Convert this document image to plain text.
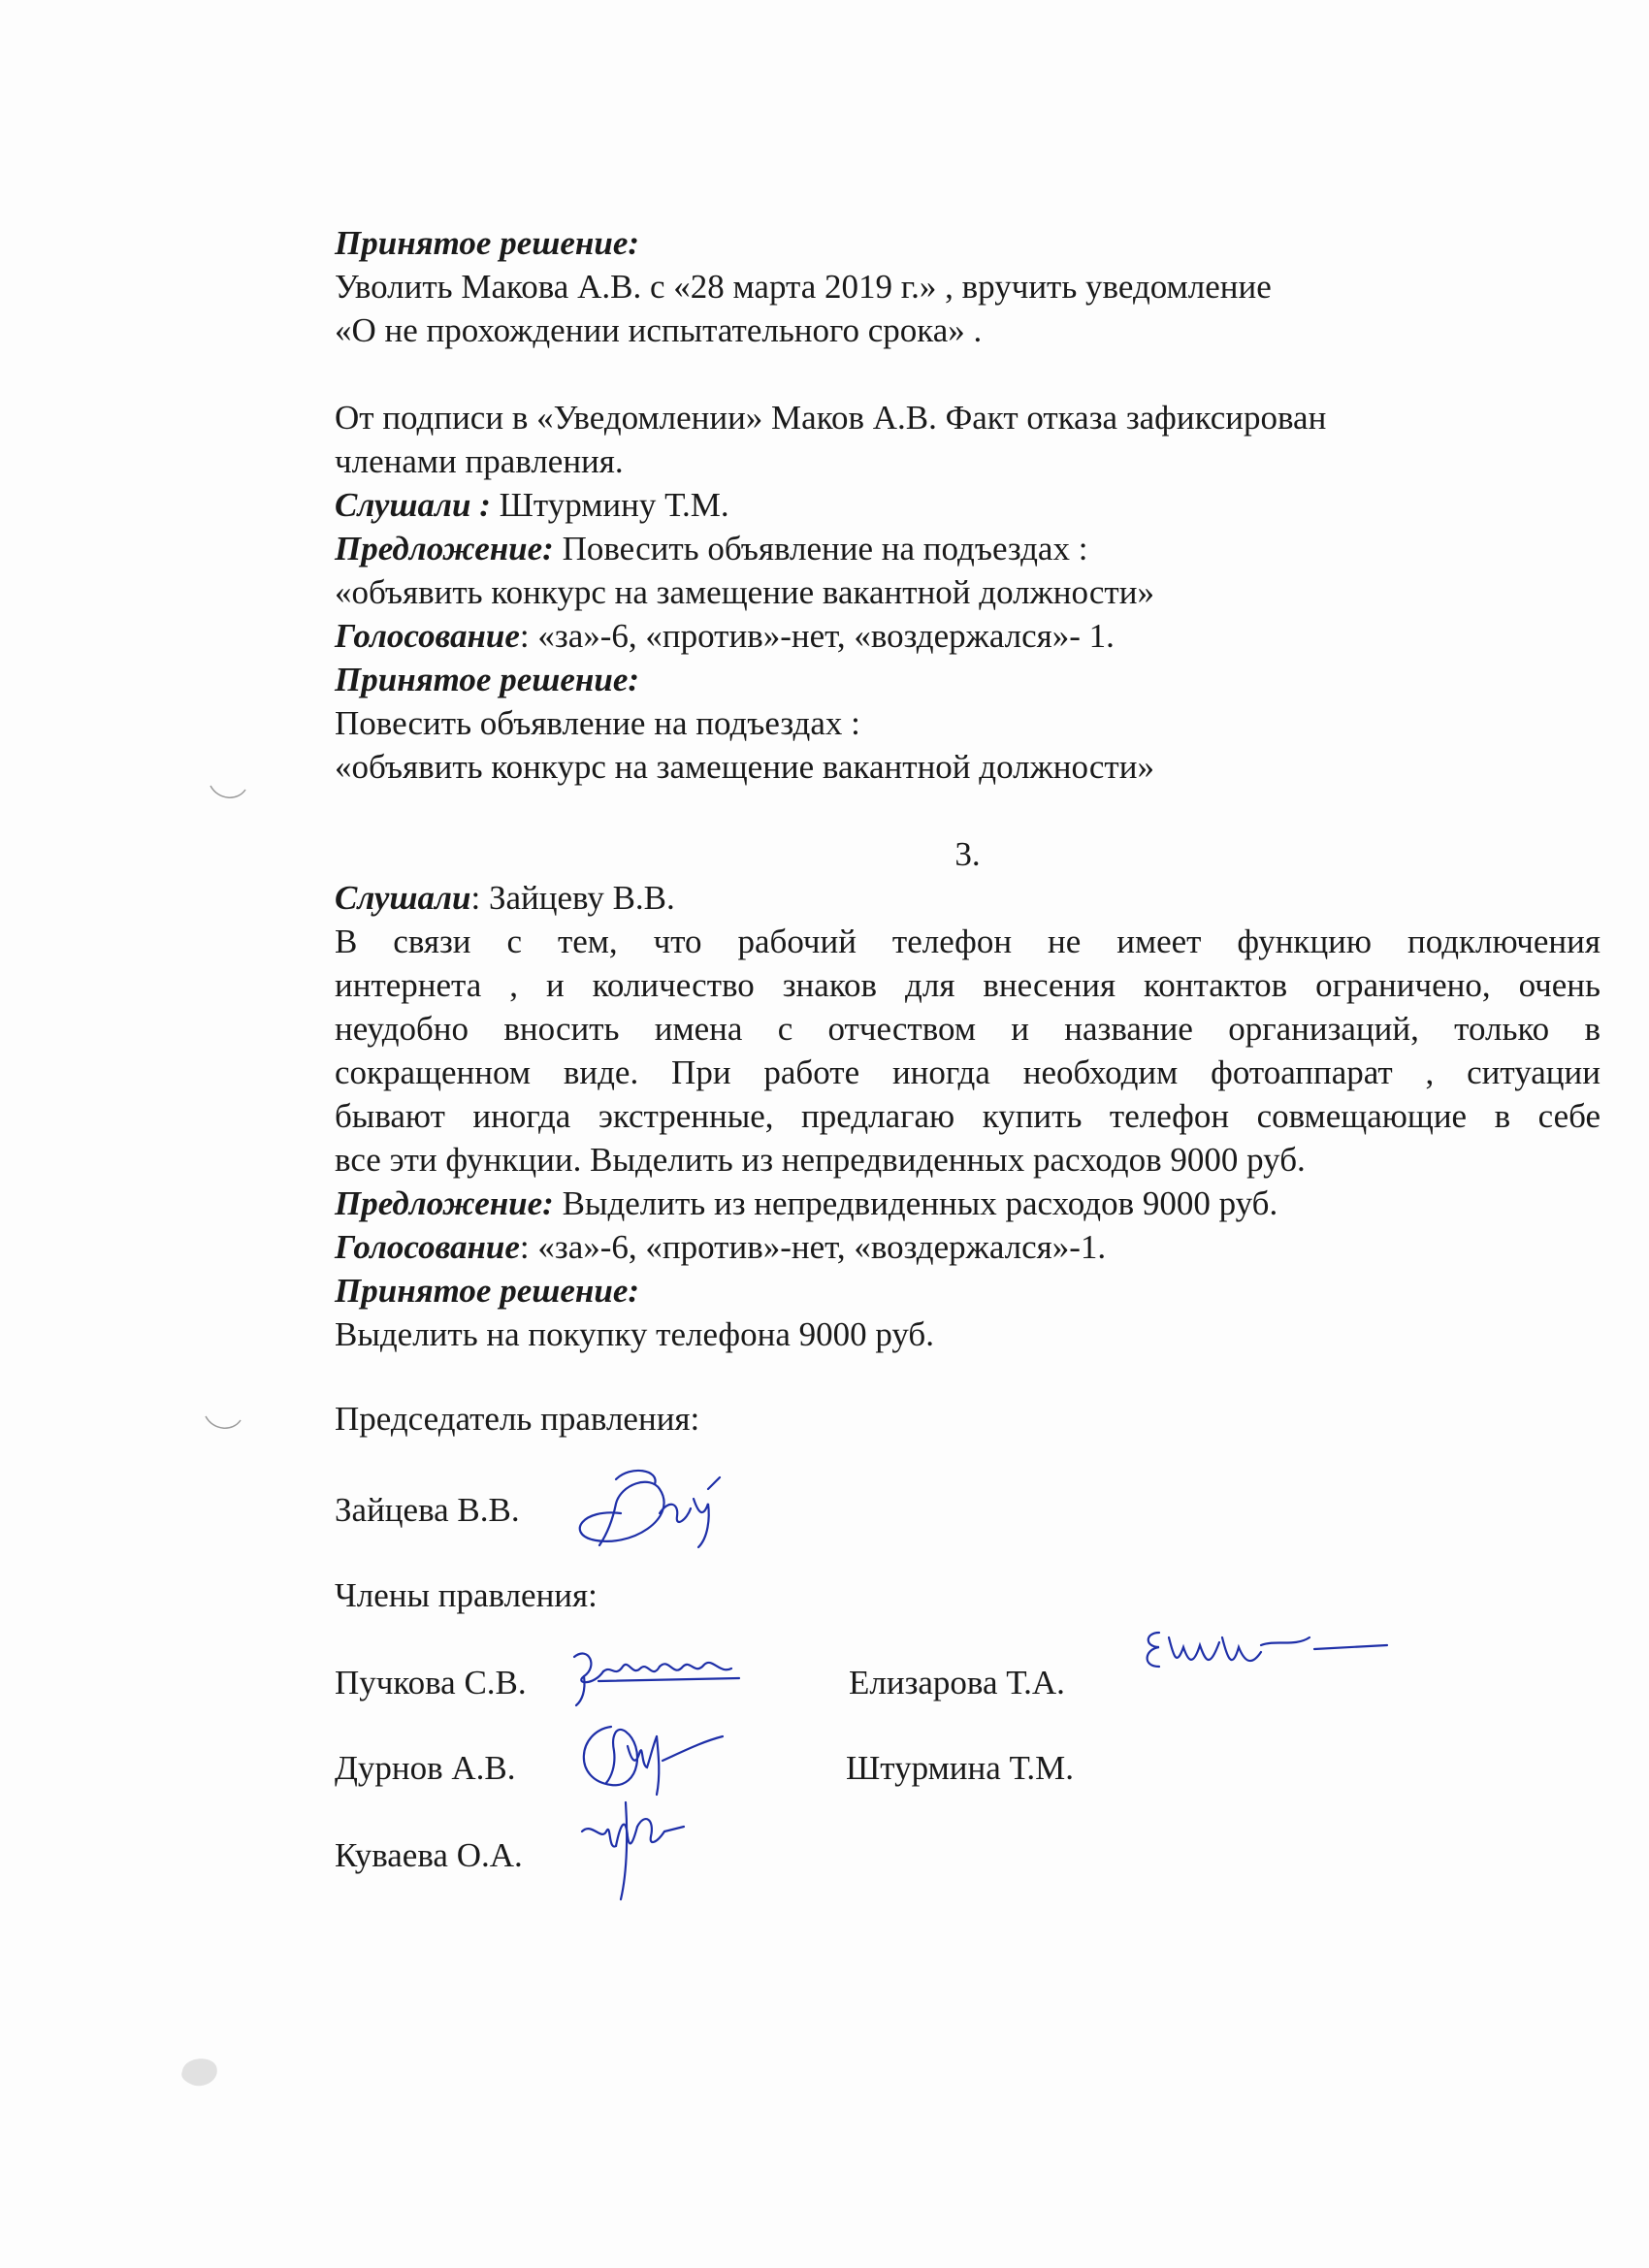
Принятое решение:
Уволить Макова А.В. с «28 марта 2019 г.» , вручить уведомление
«О не прохождении испытательного срока» .
От подписи в «Уведомлении» Маков А.В. Факт отказа зафиксирован
членами правления.
Слушали : Штурмину Т.М.
Предложение: Повесить объявление на подъездах :
«объявить конкурс на замещение вакантной должности»
Голосование: «за»-6, «против»-нет, «воздержался»- 1.
Принятое решение:
Повесить объявление на подъездах :
«объявить конкурс на замещение вакантной должности»
3.
Слушали: Зайцеву В.В.
В связи с тем, что рабочий телефон не имеет функцию подключения
интернета , и количество знаков для внесения контактов ограничено, очень
неудобно вносить имена с отчеством и название организаций, только в
сокращенном виде. При работе иногда необходим фотоаппарат , ситуации
бывают иногда экстренные, предлагаю купить телефон совмещающие в себе
все эти функции. Выделить из непредвиденных расходов 9000 руб.
Предложение: Выделить из непредвиденных расходов 9000 руб.
Голосование: «за»-6, «против»-нет, «воздержался»-1.
Принятое решение:
Выделить на покупку телефона 9000 руб.
Председатель правления:
Зайцева В.В.
Члены правления:
Пучкова С.В.	Елизарова Т.А.
Дурнов А.В.	Штурмина Т.М.
Куваева О.А.
